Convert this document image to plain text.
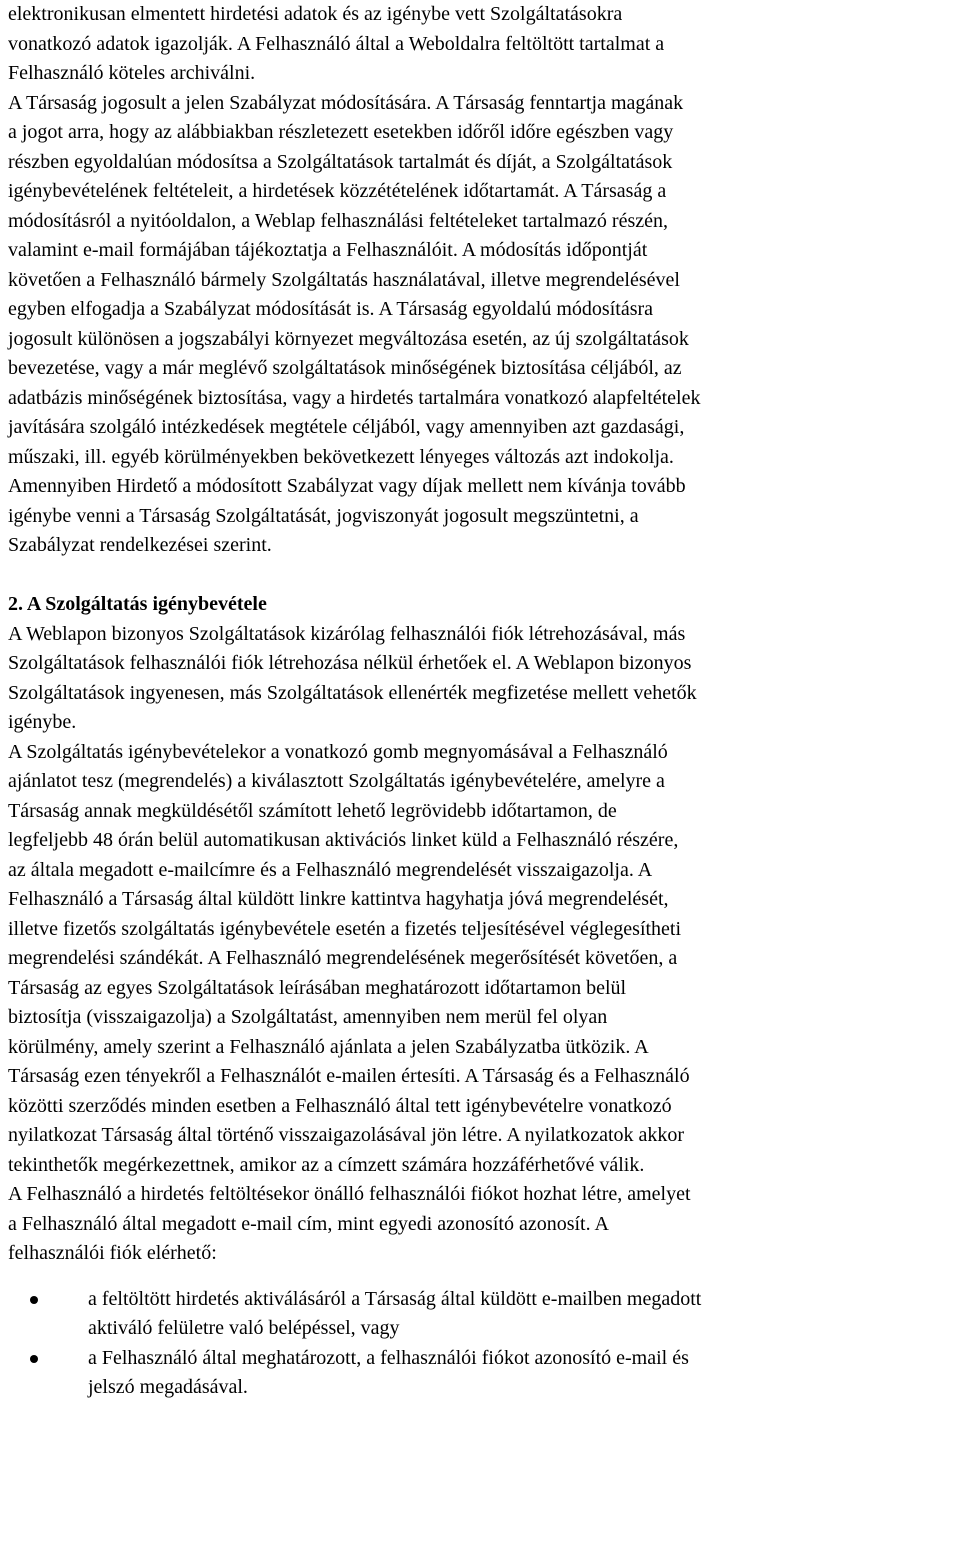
elektronikusan elmentett hirdetési adatok és az igénybe vett Szolgáltatásokra
vonatkozó adatok igazolják. A Felhasználó által a Weboldalra feltöltött tartalmat a
Felhasználó köteles archiválni.
A Társaság jogosult a jelen Szabályzat módosítására. A Társaság fenntartja magának
a jogot arra, hogy az alábbiakban részletezett esetekben időről időre egészben vagy
részben egyoldalúan módosítsa a Szolgáltatások tartalmát és díját, a Szolgáltatások
igénybevételének feltételeit, a hirdetések közzétételének időtartamát. A Társaság a
módosításról a nyitóoldalon, a Weblap felhasználási feltételeket tartalmazó részén,
valamint e-mail formájában tájékoztatja a Felhasználóit. A módosítás időpontját
követően a Felhasználó bármely Szolgáltatás használatával, illetve megrendelésével
egyben elfogadja a Szabályzat módosítását is. A Társaság egyoldalú módosításra
jogosult különösen a jogszabályi környezet megváltozása esetén, az új szolgáltatások
bevezetése, vagy a már meglévő szolgáltatások minőségének biztosítása céljából, az
adatbázis minőségének biztosítása, vagy a hirdetés tartalmára vonatkozó alapfeltételek
javítására szolgáló intézkedések megtétele céljából, vagy amennyiben azt gazdasági,
műszaki, ill. egyéb körülményekben bekövetkezett lényeges változás azt indokolja.
Amennyiben Hirdető a módosított Szabályzat vagy díjak mellett nem kívánja tovább
igénybe venni a Társaság Szolgáltatását, jogviszonyát jogosult megszüntetni, a
Szabályzat rendelkezései szerint.
2. A Szolgáltatás igénybevétele
A Weblapon bizonyos Szolgáltatások kizárólag felhasználói fiók létrehozásával, más
Szolgáltatások felhasználói fiók létrehozása nélkül érhetőek el. A Weblapon bizonyos
Szolgáltatások ingyenesen, más Szolgáltatások ellenérték megfizetése mellett vehetők
igénybe.
A Szolgáltatás igénybevételekor a vonatkozó gomb megnyomásával a Felhasználó
ajánlatot tesz (megrendelés) a kiválasztott Szolgáltatás igénybevételére, amelyre a
Társaság annak megküldésétől számított lehető legrövidebb időtartamon, de
legfeljebb 48 órán belül automatikusan aktivációs linket küld a Felhasználó részére,
az általa megadott e-mailcímre és a Felhasználó megrendelését visszaigazolja. A
Felhasználó a Társaság által küldött linkre kattintva hagyhatja jóvá megrendelését,
illetve fizetős szolgáltatás igénybevétele esetén a fizetés teljesítésével véglegesítheti
megrendelési szándékát. A Felhasználó megrendelésének megerősítését követően, a
Társaság az egyes Szolgáltatások leírásában meghatározott időtartamon belül
biztosítja (visszaigazolja) a Szolgáltatást, amennyiben nem merül fel olyan
körülmény, amely szerint a Felhasználó ajánlata a jelen Szabályzatba ütközik. A
Társaság ezen tényekről a Felhasználót e-mailen értesíti. A Társaság és a Felhasználó
közötti szerződés minden esetben a Felhasználó által tett igénybevételre vonatkozó
nyilatkozat Társaság által történő visszaigazolásával jön létre. A nyilatkozatok akkor
tekinthetők megérkezettnek, amikor az a címzett számára hozzáférhetővé válik.
A Felhasználó a hirdetés feltöltésekor önálló felhasználói fiókot hozhat létre, amelyet
a Felhasználó által megadott e-mail cím, mint egyedi azonosító azonosít. A
felhasználói fiók elérhető:
a feltöltött hirdetés aktiválásáról a Társaság által küldött e-mailben megadott
aktiváló felületre való belépéssel, vagy
a Felhasználó által meghatározott, a felhasználói fiókot azonosító e-mail és
jelszó megadásával.
